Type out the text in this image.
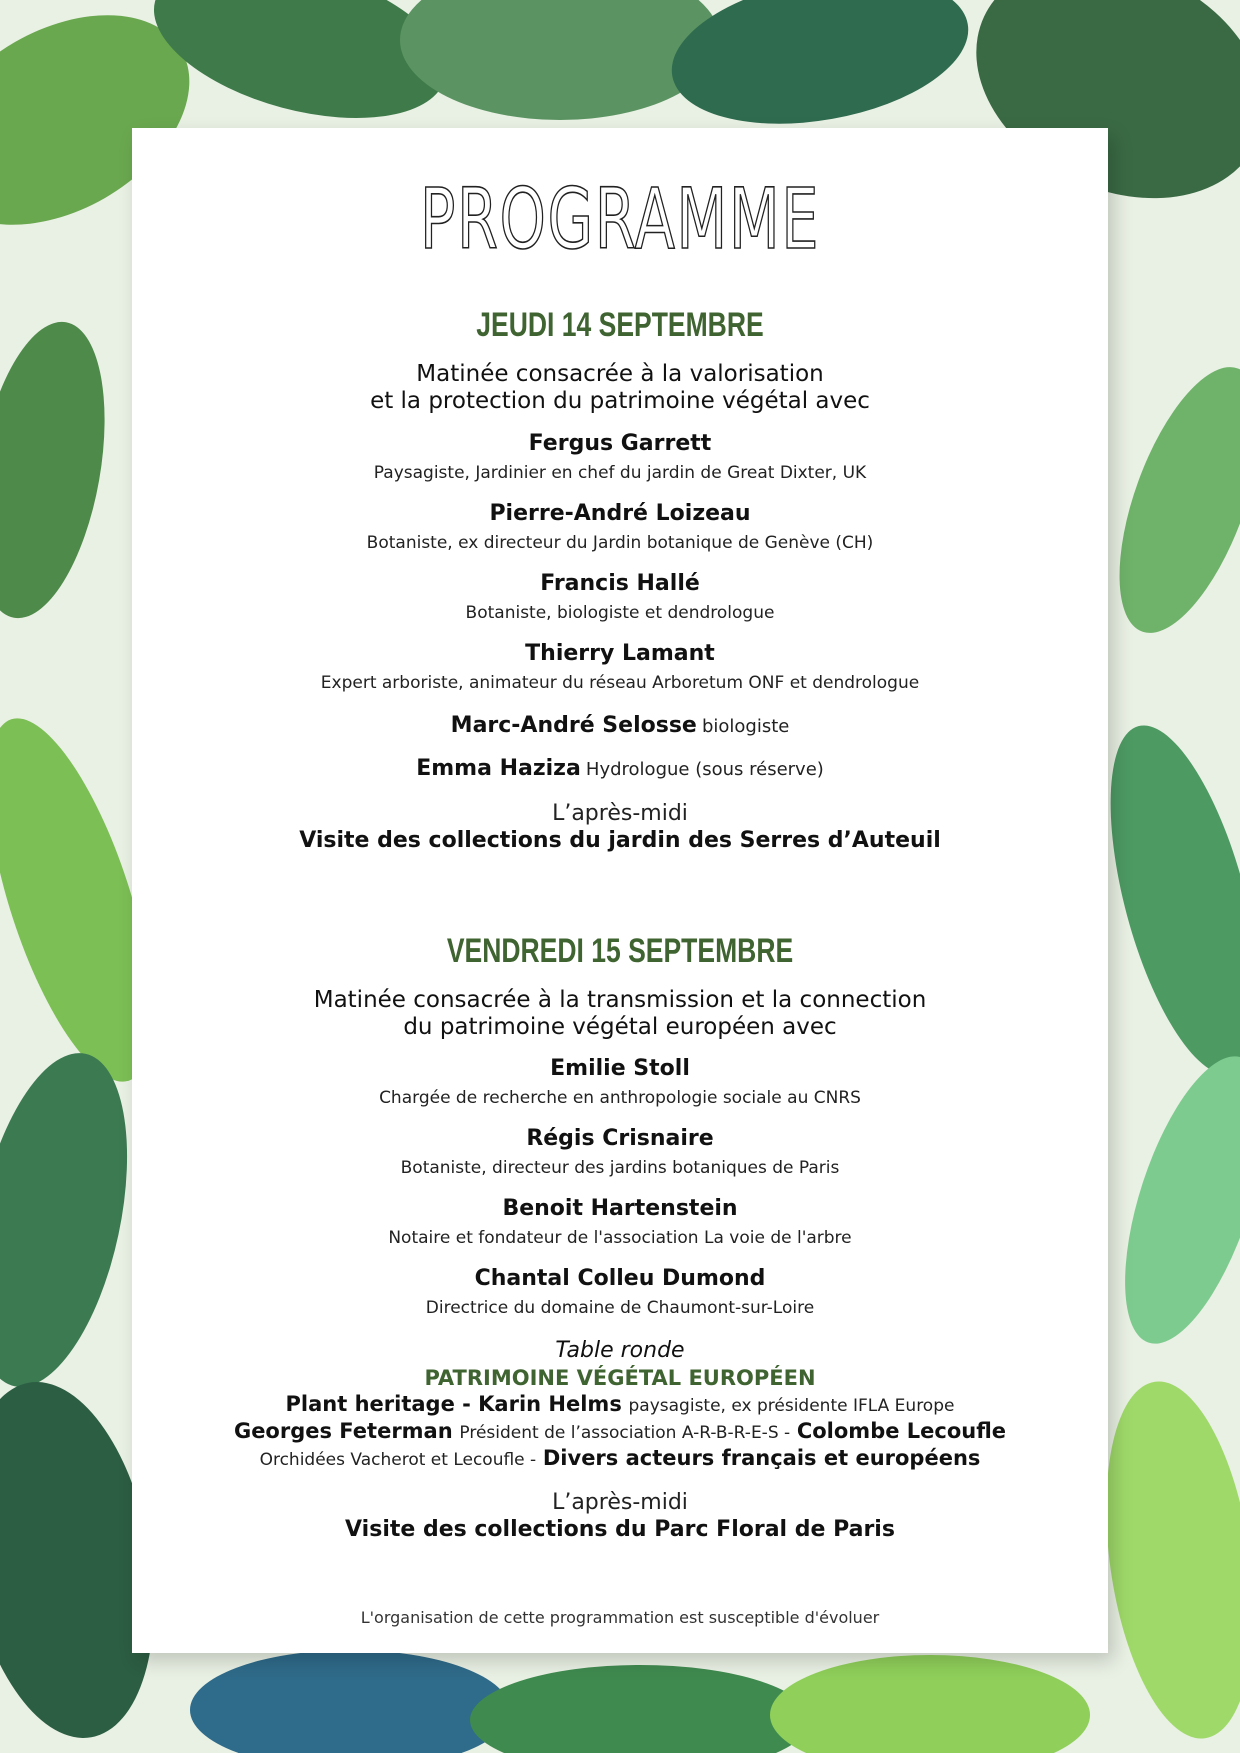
PROGRAMME
JEUDI 14 SEPTEMBRE
Matinée consacrée à la valorisation
et la protection du patrimoine végétal avec
Fergus Garrett
Paysagiste, Jardinier en chef du jardin de Great Dixter, UK
Pierre-André Loizeau
Botaniste, ex directeur du Jardin botanique de Genève (CH)
Francis Hallé
Botaniste, biologiste et dendrologue
Thierry Lamant
Expert arboriste, animateur du réseau Arboretum ONF et dendrologue
Marc-André Selosse biologiste
Emma Haziza Hydrologue (sous réserve)
L’après-midi
Visite des collections du jardin des Serres d’Auteuil
VENDREDI 15 SEPTEMBRE
Matinée consacrée à la transmission et la connection
du patrimoine végétal européen avec
Emilie Stoll
Chargée de recherche en anthropologie sociale au CNRS
Régis Crisnaire
Botaniste, directeur des jardins botaniques de Paris
Benoit Hartenstein
Notaire et fondateur de l'association La voie de l'arbre
Chantal Colleu Dumond
Directrice du domaine de Chaumont-sur-Loire
Table ronde
PATRIMOINE VÉGÉTAL EUROPÉEN
Plant heritage - Karin Helms paysagiste, ex présidente IFLA Europe
Georges Feterman Président de l’association A-R-B-R-E-S - Colombe Lecoufle
Orchidées Vacherot et Lecoufle - Divers acteurs français et européens
L’après-midi
Visite des collections du Parc Floral de Paris
L'organisation de cette programmation est susceptible d'évoluer
